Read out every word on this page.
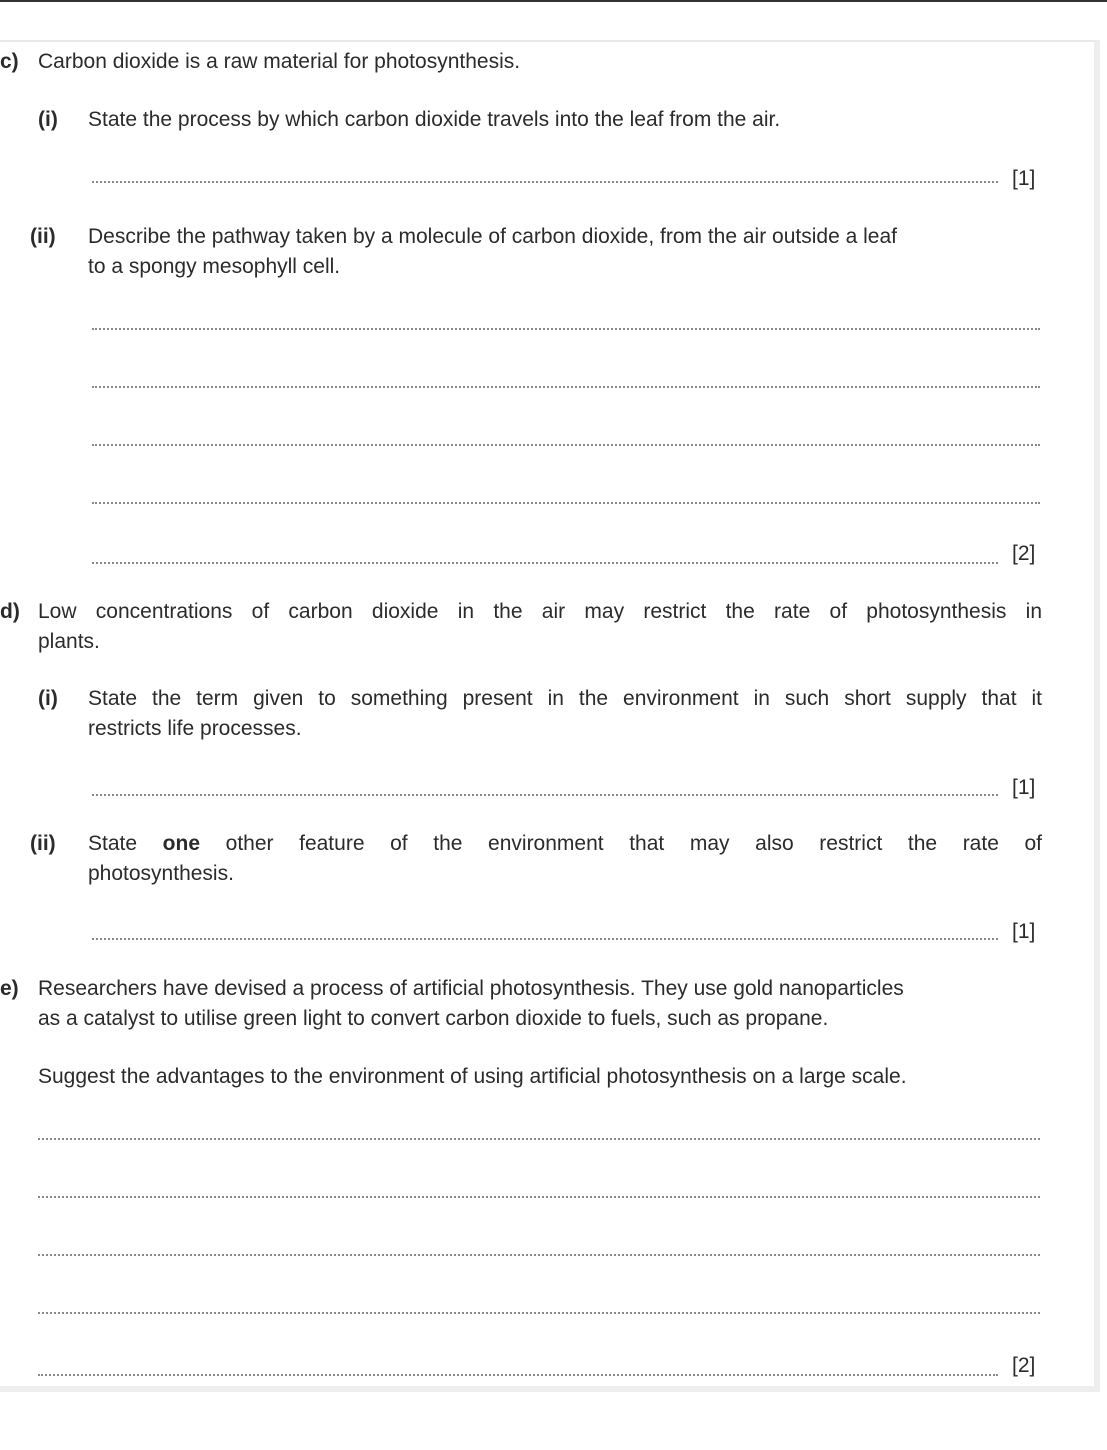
c) Carbon dioxide is a raw material for photosynthesis.
(i) State the process by which carbon dioxide travels into the leaf from the air.
[1]
(ii) Describe the pathway taken by a molecule of carbon dioxide, from the air outside a leaf
to a spongy mesophyll cell.
[2]
d) Low concentrations of carbon dioxide in the air may restrict the rate of photosynthesis in
plants.
(i) State the term given to something present in the environment in such short supply that it
restricts life processes.
[1]
(ii) State one other feature of the environment that may also restrict the rate of
photosynthesis.
[1]
e) Researchers have devised a process of artificial photosynthesis. They use gold nanoparticles
as a catalyst to utilise green light to convert carbon dioxide to fuels, such as propane.
Suggest the advantages to the environment of using artificial photosynthesis on a large scale.
[2]
